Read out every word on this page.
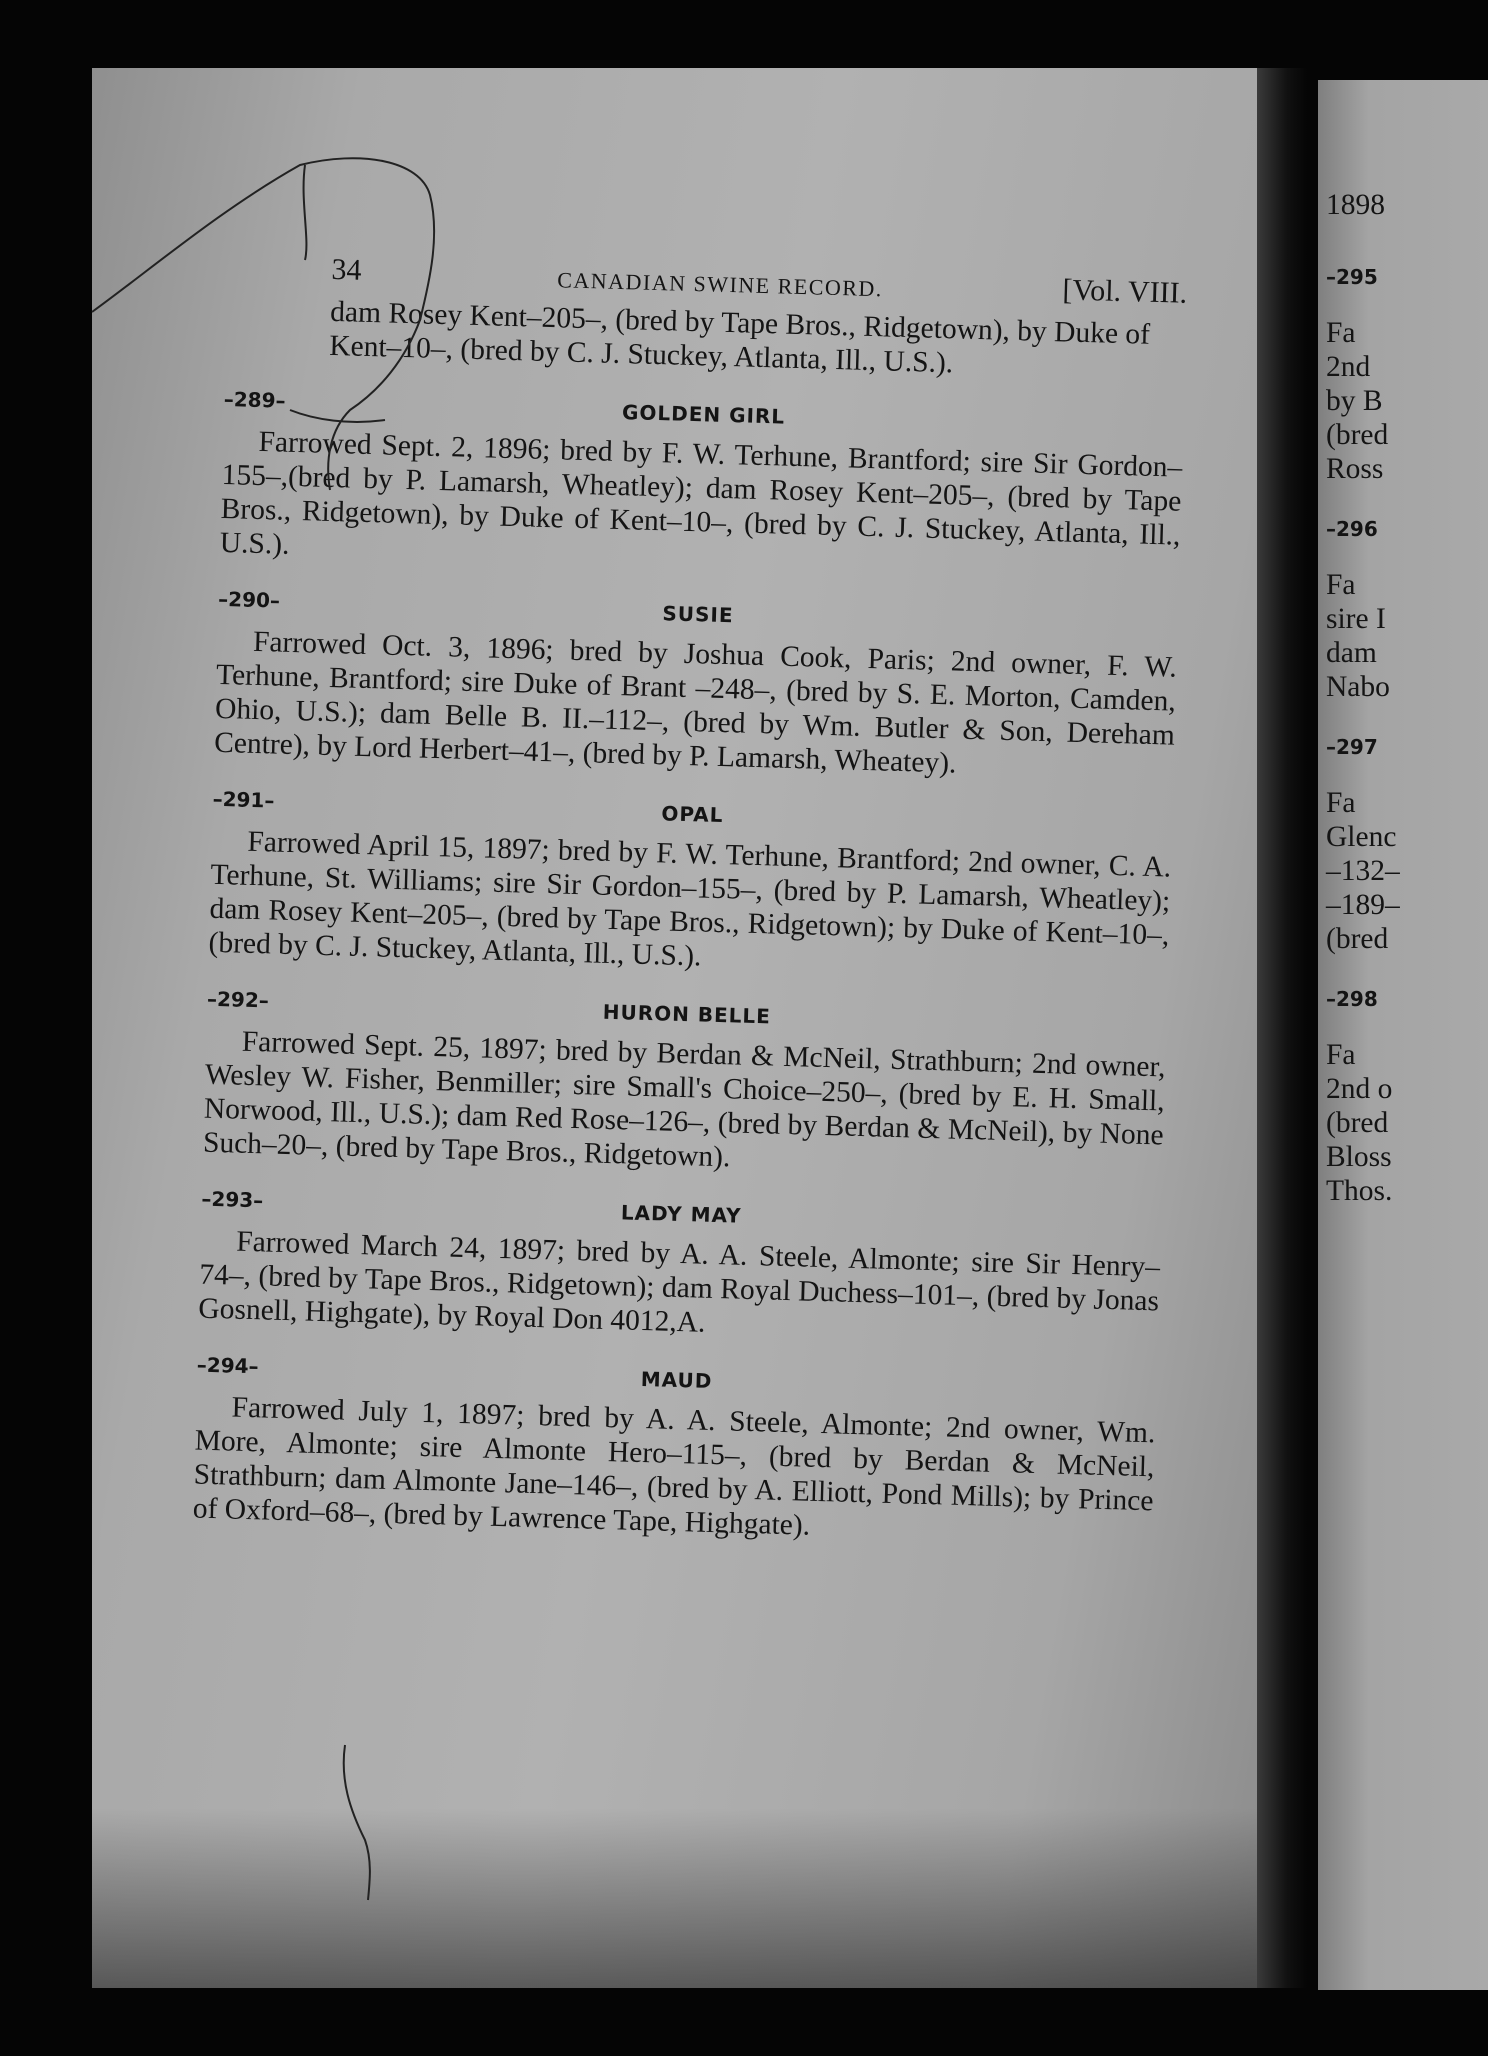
1898
–295
Fa
2nd
by B
(bred
Ross
–296
Fa
sire I
dam
Nabo
–297
Fa
Glenc
–132–
–189–
(bred
–298
Fa
2nd o
(bred
Bloss
Thos.
34	CANADIAN SWINE RECORD.	[Vol. VIII.

dam Rosey Kent–205–, (bred by Tape Bros., Ridgetown), by Duke of Kent–10–, (bred by C. J. Stuckey, Atlanta, Ill., U.S.).

–289–
GOLDEN GIRL

Farrowed Sept. 2, 1896; bred by F. W. Terhune, Brantford; sire Sir Gordon–155–,(bred by P. Lamarsh, Wheatley); dam Rosey Kent–205–, (bred by Tape Bros., Ridgetown), by Duke of Kent–10–, (bred by C. J. Stuckey, Atlanta, Ill., U.S.).

–290–
SUSIE

Farrowed Oct. 3, 1896; bred by Joshua Cook, Paris; 2nd owner, F. W. Terhune, Brantford; sire Duke of Brant –248–, (bred by S. E. Morton, Camden, Ohio, U.S.); dam Belle B. II.–112–, (bred by Wm. Butler & Son, Dereham Centre), by Lord Herbert–41–, (bred by P. Lamarsh, Wheatey).

–291–
OPAL

Farrowed April 15, 1897; bred by F. W. Terhune, Brantford; 2nd owner, C. A. Terhune, St. Williams; sire Sir Gordon–155–, (bred by P. Lamarsh, Wheatley); dam Rosey Kent–205–, (bred by Tape Bros., Ridgetown); by Duke of Kent–10–, (bred by C. J. Stuckey, Atlanta, Ill., U.S.).

–292–
HURON BELLE

Farrowed Sept. 25, 1897; bred by Berdan & McNeil, Strathburn; 2nd owner, Wesley W. Fisher, Benmiller; sire Small's Choice–250–, (bred by E. H. Small, Norwood, Ill., U.S.); dam Red Rose–126–, (bred by Berdan & McNeil), by None Such–20–, (bred by Tape Bros., Ridgetown).

–293–
LADY MAY

Farrowed March 24, 1897; bred by A. A. Steele, Almonte; sire Sir Henry–74–, (bred by Tape Bros., Ridgetown); dam Royal Duchess–101–, (bred by Jonas Gosnell, Highgate), by Royal Don 4012,A.

–294–
MAUD

Farrowed July 1, 1897; bred by A. A. Steele, Almonte; 2nd owner, Wm. More, Almonte; sire Almonte Hero–115–, (bred by Berdan & McNeil, Strathburn; dam Almonte Jane–146–, (bred by A. Elliott, Pond Mills); by Prince of Oxford–68–, (bred by Lawrence Tape, Highgate).
